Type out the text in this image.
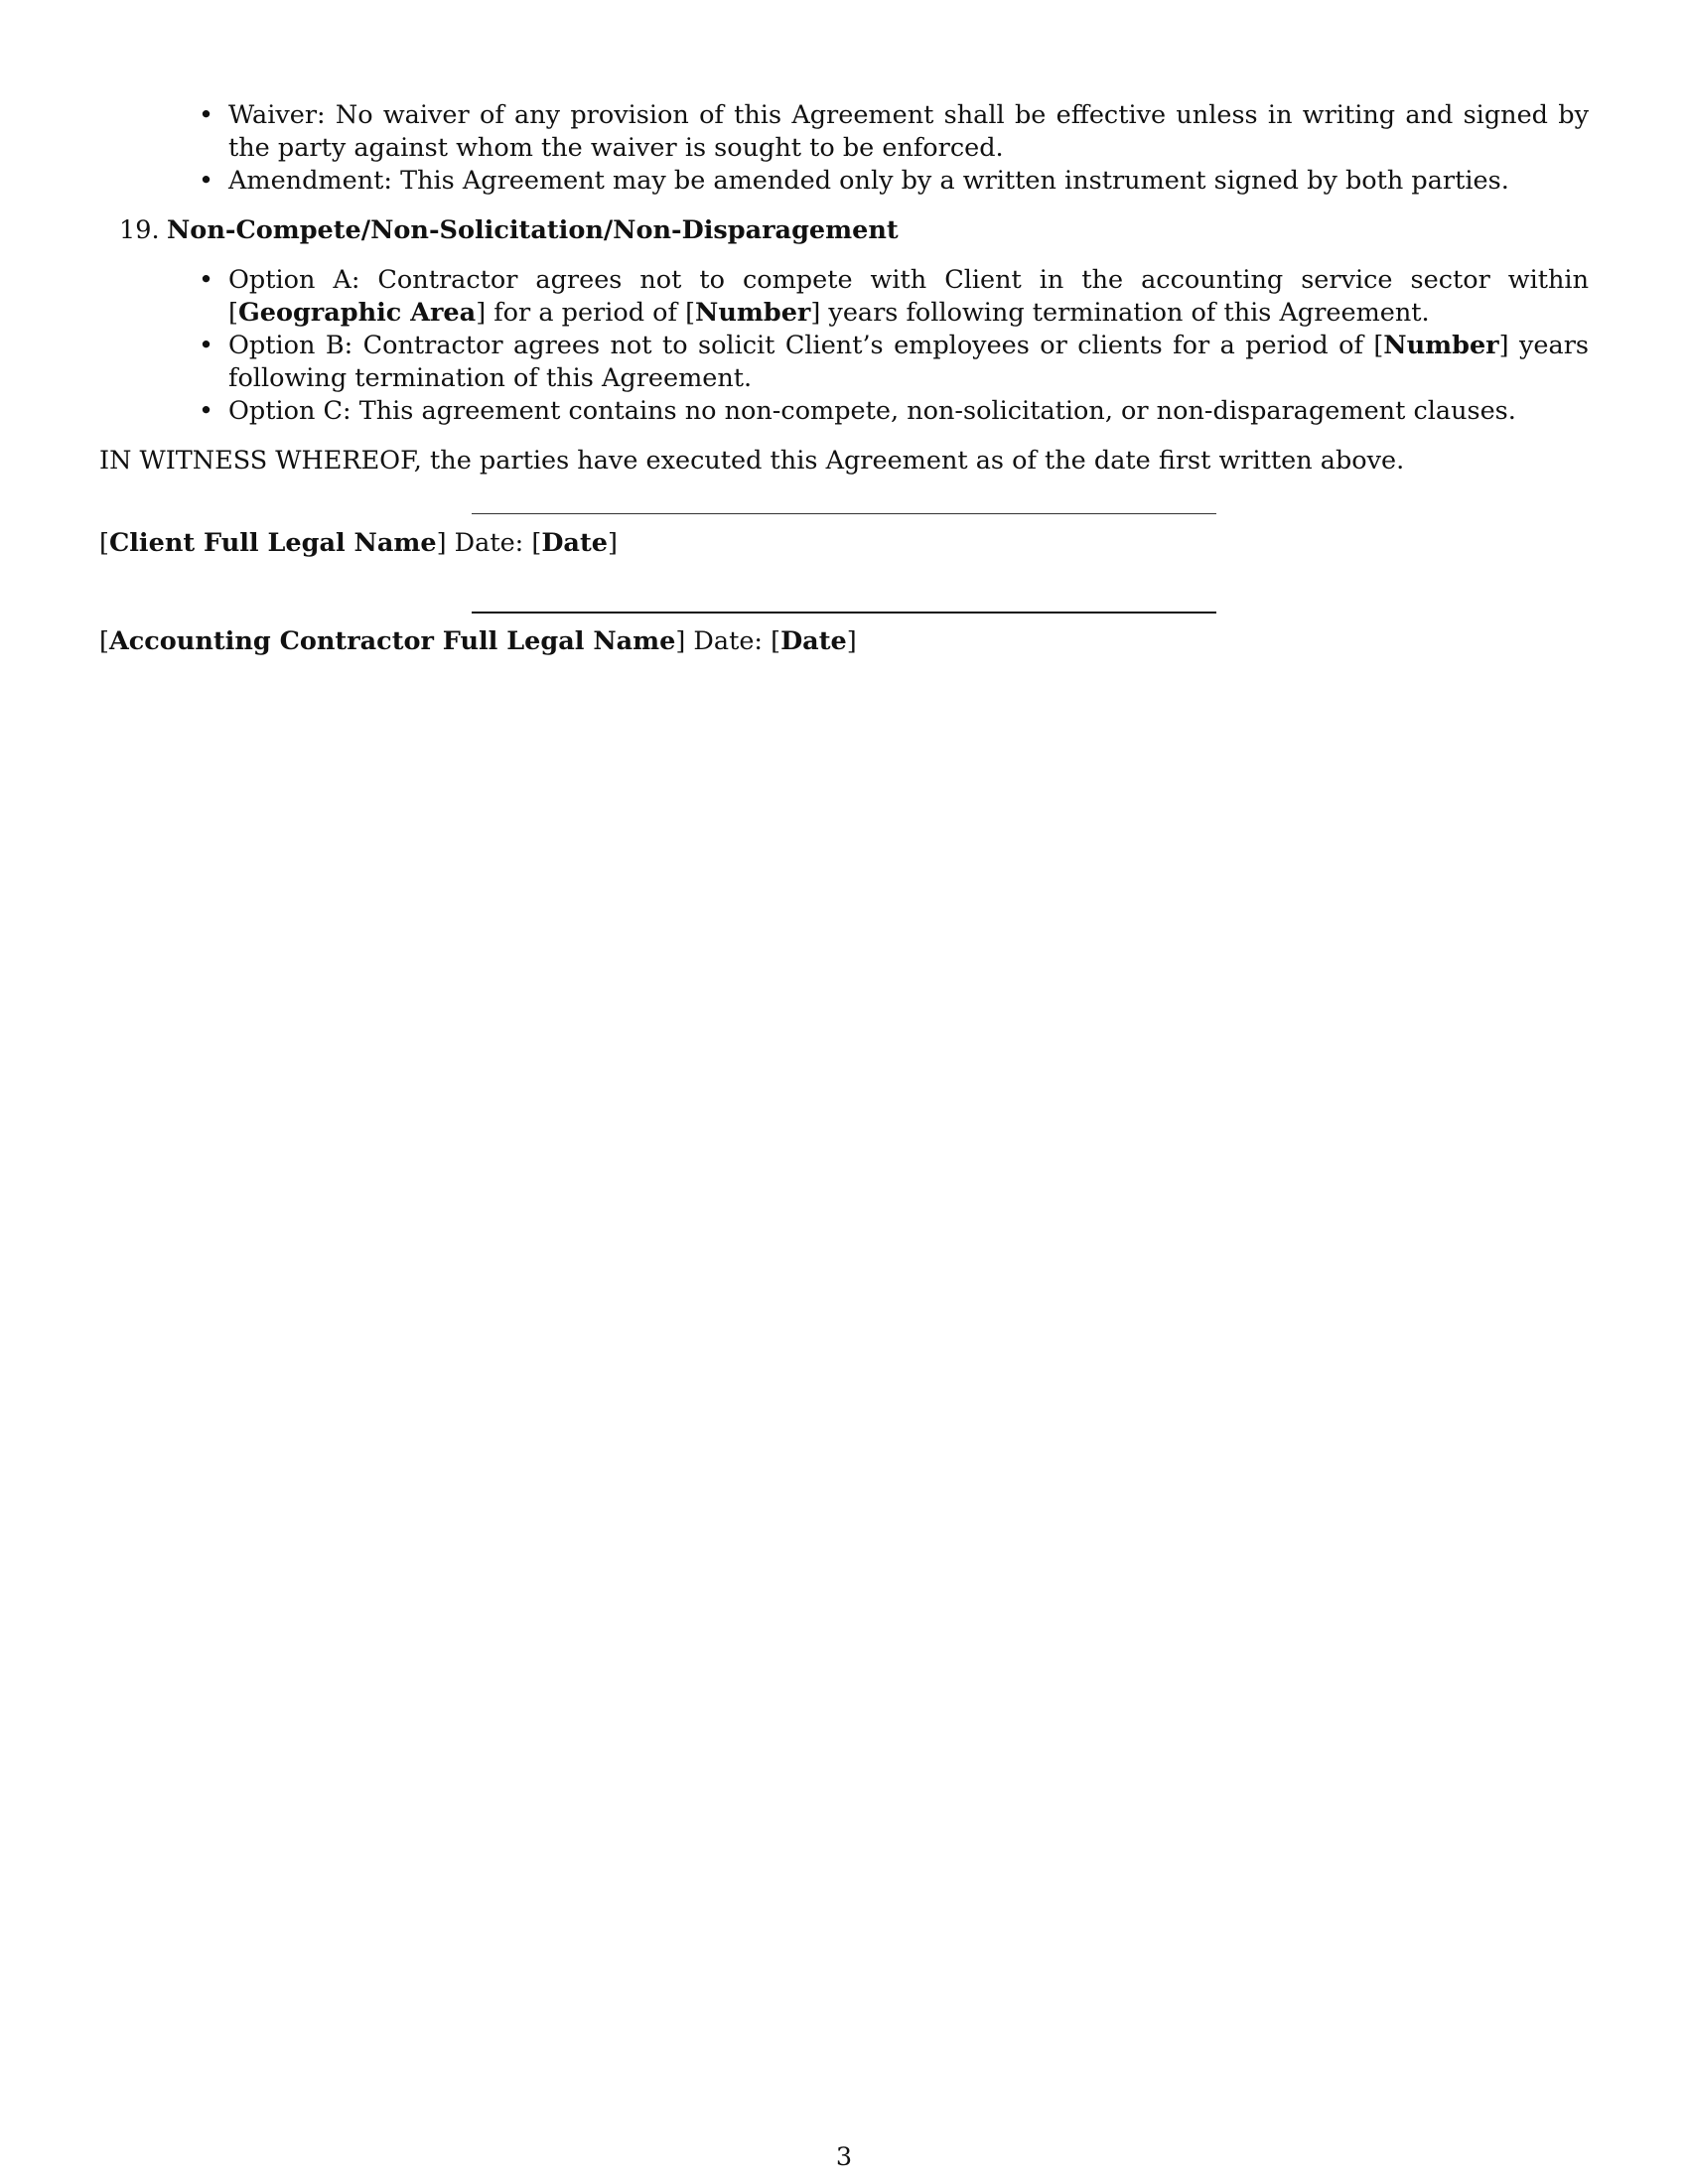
• Waiver: No waiver of any provision of this Agreement shall be effective unless in writing and signed by the party against whom the waiver is sought to be enforced.
• Amendment: This Agreement may be amended only by a written instrument signed by both parties.
19. Non-Compete/Non-Solicitation/Non-Disparagement
• Option A: Contractor agrees not to compete with Client in the accounting service sector within [Geographic Area] for a period of [Number] years following termination of this Agreement.
• Option B: Contractor agrees not to solicit Client’s employees or clients for a period of [Number] years following termination of this Agreement.
• Option C: This agreement contains no non-compete, non-solicitation, or non-disparagement clauses.

IN WITNESS WHEREOF, the parties have executed this Agreement as of the date first written above.

[Client Full Legal Name] Date: [Date]
[Accounting Contractor Full Legal Name] Date: [Date]
3
